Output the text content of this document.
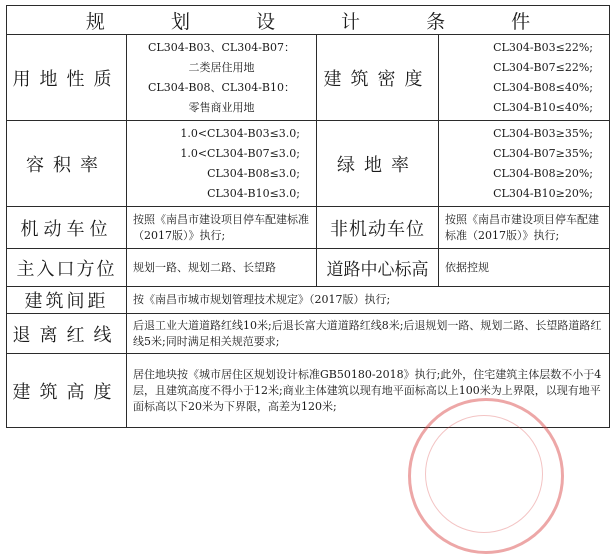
规 划 设 计 条 件			
用地性质	CL304-B03、CL304-B07：
二类居住用地
CL304-B08、CL304-B10：
零售商业用地	建筑密度	CL304-B03≤22%;
CL304-B07≤22%;
CL304-B08≤40%;
CL304-B10≤40%;

容积率	1.0<CL304-B03≤3.0;
1.0<CL304-B07≤3.0;
CL304-B08≤3.0;
CL304-B10≤3.0;	绿地率	CL304-B03≥35%;
CL304-B07≥35%;
CL304-B08≥20%;
CL304-B10≥20%;

机动车位	按照《南昌市建设项目停车配建标准（2017版）》执行;	非机动车位	按照《南昌市建设项目停车配建标准（2017版）》执行;
主入口方位	规划一路、规划二路、长望路	道路中心标高	依据控规
建筑间距	按《南昌市城市规划管理技术规定》（2017版）执行;		
退离红线	后退工业大道道路红线10米;后退长富大道道路红线8米;后退规划一路、规划二路、长望路道路红线5米;同时满足相关规范要求;		
建筑高度	居住地块按《城市居住区规划设计标准GB50180-2018》执行;此外，住宅建筑主体层数不小于4层，且建筑高度不得小于12米;商业主体建筑以现有地平面标高以上100米为上界限，以现有地平面标高以下20米为下界限，高差为120米;		
